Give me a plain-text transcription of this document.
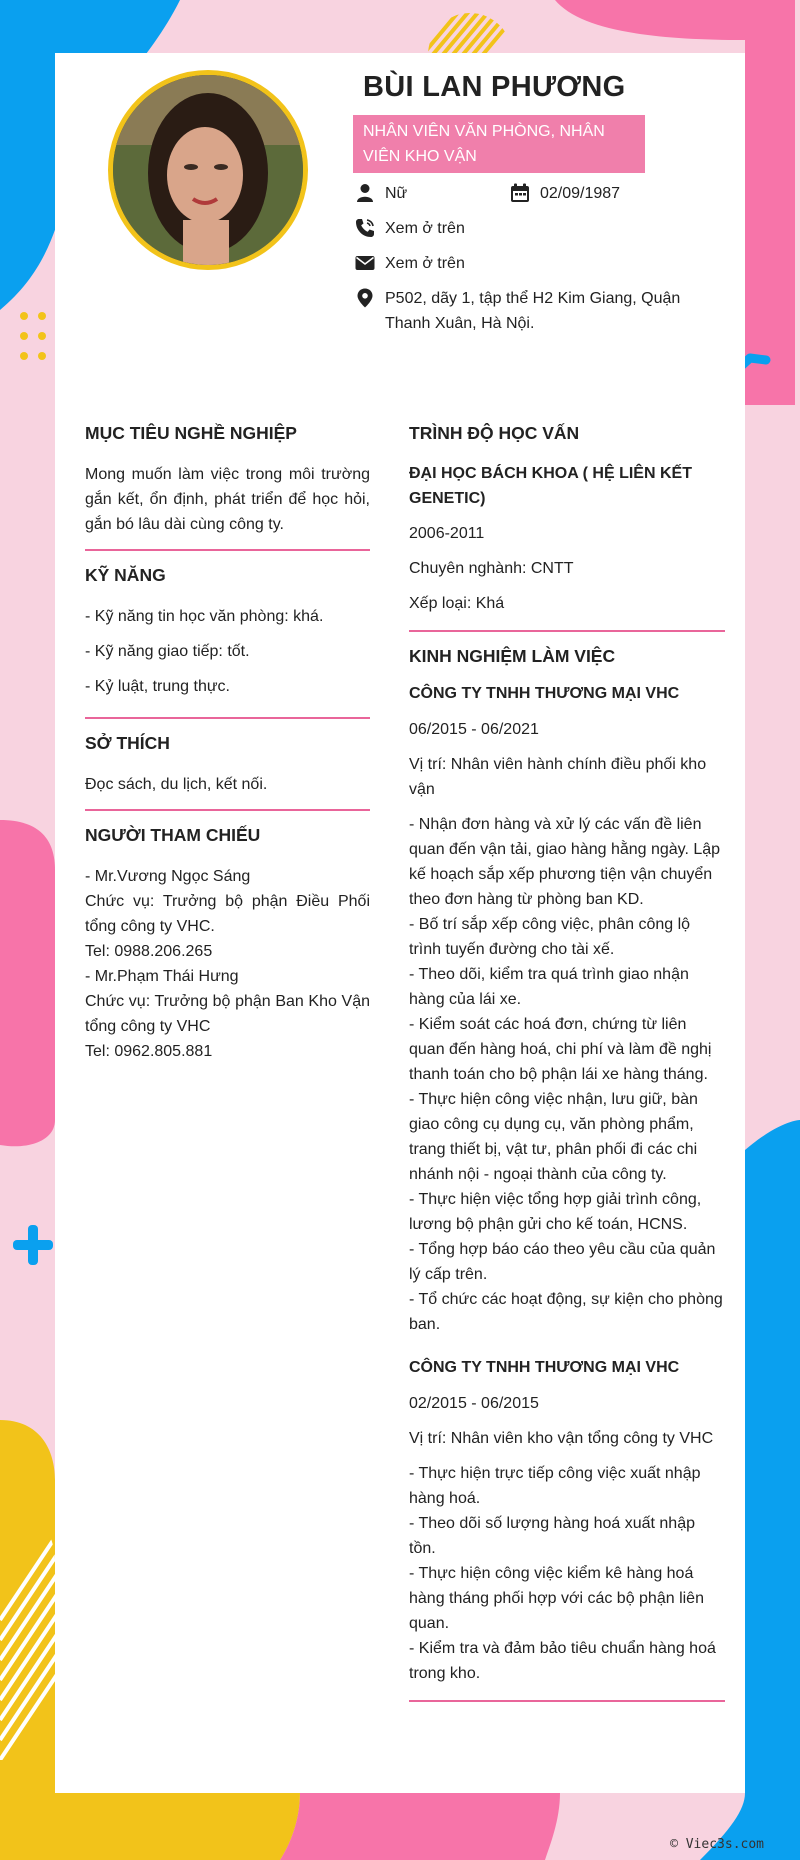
BÙI LAN PHƯƠNG
NHÂN VIÊN VĂN PHÒNG, NHÂN VIÊN KHO VẬN
Nữ	02/09/1987
Xem ở trên
Xem ở trên
P502, dãy 1, tập thể H2 Kim Giang, Quận Thanh Xuân, Hà Nội.
MỤC TIÊU NGHỀ NGHIỆP
Mong muốn làm việc trong môi trường gắn kết, ổn định, phát triển để học hỏi, gắn bó lâu dài cùng công ty.
KỸ NĂNG

- Kỹ năng tin học văn phòng: khá.

- Kỹ năng giao tiếp: tốt.

- Kỷ luật, trung thực.

SỞ THÍCH
Đọc sách, du lịch, kết nối.
NGƯỜI THAM CHIẾU
- Mr.Vương Ngọc Sáng
Chức vụ: Trưởng bộ phận Điều Phối tổng công ty VHC.
Tel: 0988.206.265
- Mr.Phạm Thái Hưng
Chức vụ: Trưởng bộ phận Ban Kho Vận tổng công ty VHC
Tel: 0962.805.881
TRÌNH ĐỘ HỌC VẤN

ĐẠI HỌC BÁCH KHOA ( HỆ LIÊN KẾT GENETIC)

2006-2011

Chuyên nghành: CNTT

Xếp loại: Khá

KINH NGHIỆM LÀM VIỆC

CÔNG TY TNHH THƯƠNG MẠI VHC

06/2015 - 06/2021

Vị trí: Nhân viên hành chính điều phối kho vận

- Nhận đơn hàng và xử lý các vấn đề liên quan đến vận tải, giao hàng hằng ngày. Lập kế hoạch sắp xếp phương tiện vận chuyển theo đơn hàng từ phòng ban KD.
- Bố trí sắp xếp công việc, phân công lộ trình tuyến đường cho tài xế.
- Theo dõi, kiểm tra quá trình giao nhận hàng của lái xe.
- Kiểm soát các hoá đơn, chứng từ liên quan đến hàng hoá, chi phí và làm đề nghị thanh toán cho bộ phận lái xe hàng tháng.
- Thực hiện công việc nhận, lưu giữ, bàn giao công cụ dụng cụ, văn phòng phẩm, trang thiết bị, vật tư, phân phối đi các chi nhánh nội - ngoại thành của công ty.
- Thực hiện việc tổng hợp giải trình công, lương bộ phận gửi cho kế toán, HCNS.
- Tổng hợp báo cáo theo yêu cầu của quản lý cấp trên.
- Tổ chức các hoạt động, sự kiện cho phòng ban.

CÔNG TY TNHH THƯƠNG MẠI VHC

02/2015 - 06/2015

Vị trí: Nhân viên kho vận tổng công ty VHC

- Thực hiện trực tiếp công việc xuất nhập hàng hoá.
- Theo dõi số lượng hàng hoá xuất nhập tồn.
- Thực hiện công việc kiểm kê hàng hoá hàng tháng phối hợp với các bộ phận liên quan.
- Kiểm tra và đảm bảo tiêu chuẩn hàng hoá trong kho.

© Viec3s.com
